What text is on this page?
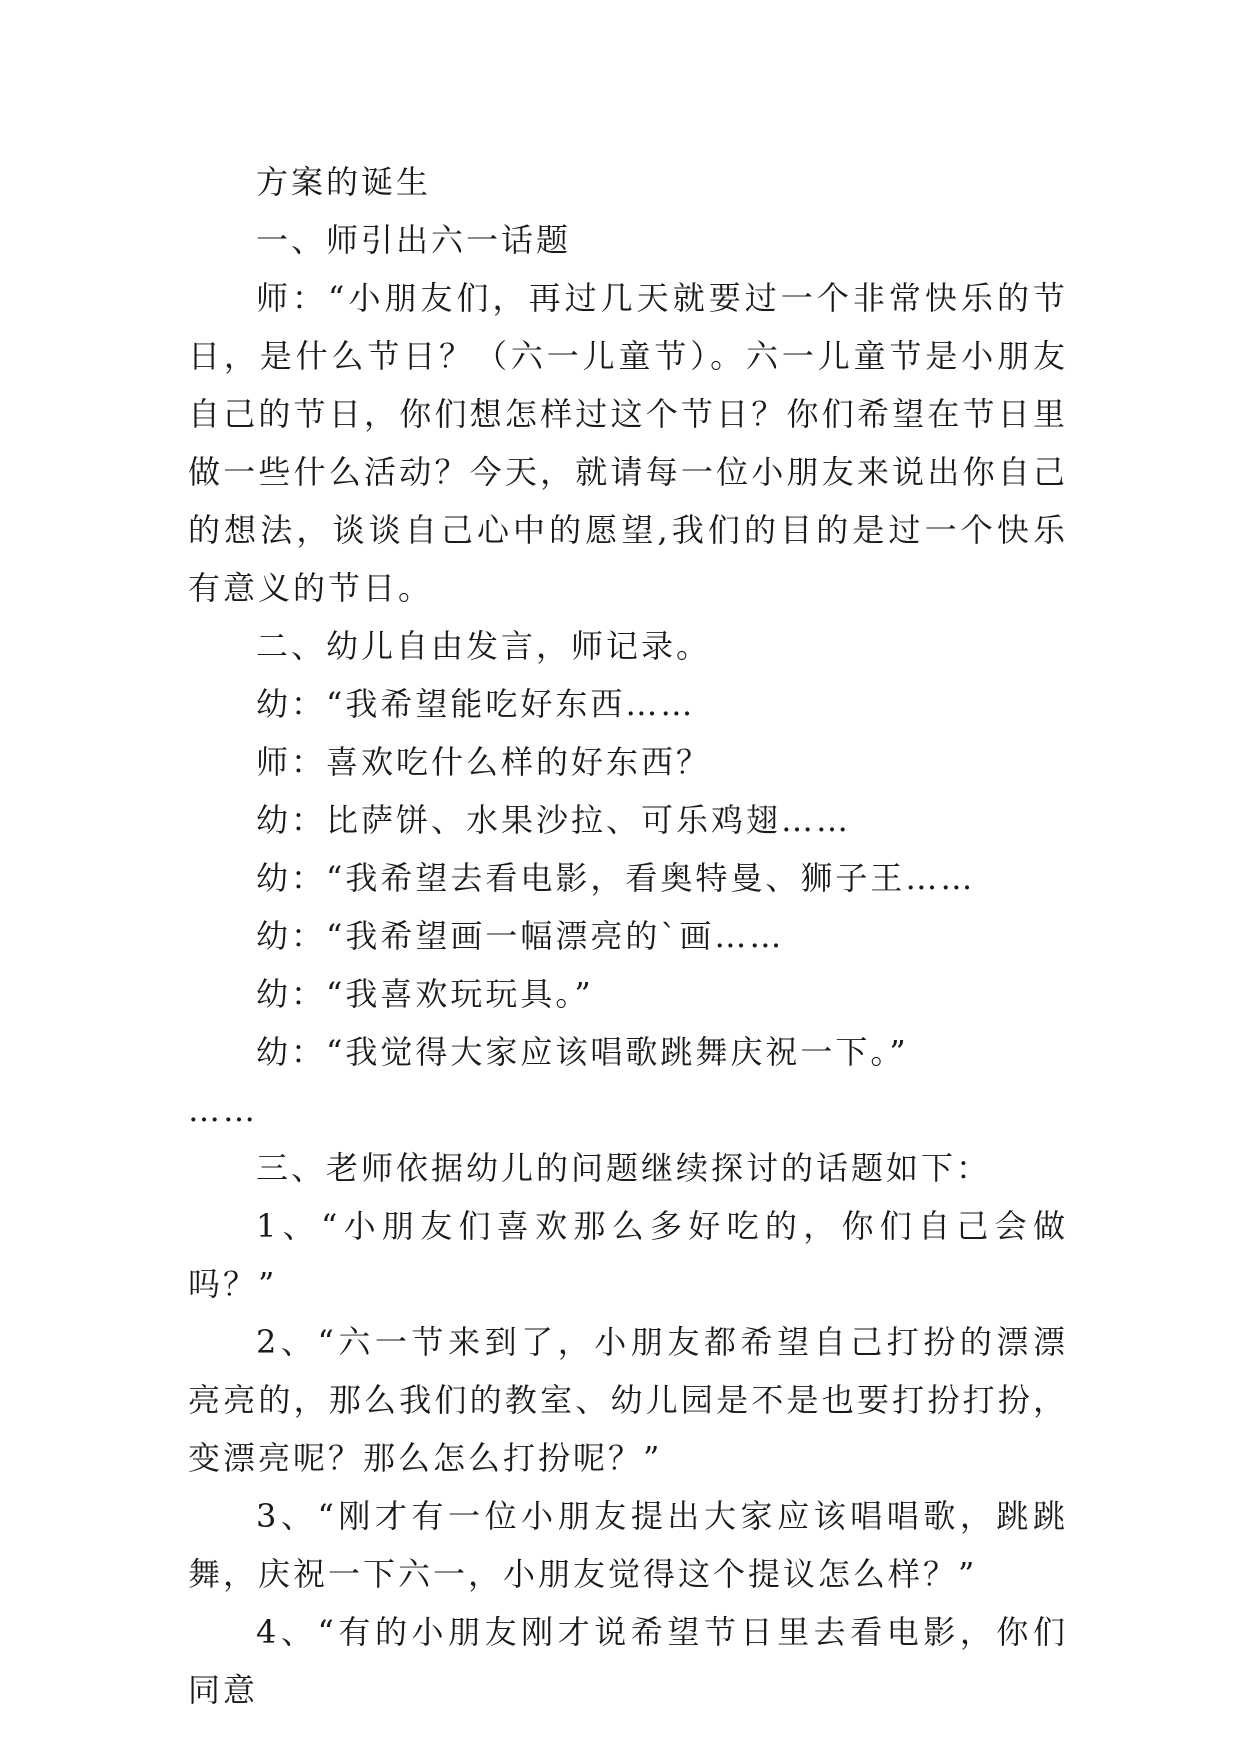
方案的诞生

一、师引出六一话题

师：“小朋友们，再过几天就要过一个非常快乐的节日，是什么节日？（六一儿童节）。六一儿童节是小朋友自己的节日，你们想怎样过这个节日？你们希望在节日里做一些什么活动？今天，就请每一位小朋友来说出你自己的想法，谈谈自己心中的愿望,我们的目的是过一个快乐有意义的节日。

二、幼儿自由发言，师记录。

幼：“我希望能吃好东西……

师：喜欢吃什么样的好东西？

幼：比萨饼、水果沙拉、可乐鸡翅……

幼：“我希望去看电影，看奥特曼、狮子王……

幼：“我希望画一幅漂亮的`画……

幼：“我喜欢玩玩具。”

幼：“我觉得大家应该唱歌跳舞庆祝一下。”

……

三、老师依据幼儿的问题继续探讨的话题如下：

1、“小朋友们喜欢那么多好吃的，你们自己会做吗？”

2、“六一节来到了，小朋友都希望自己打扮的漂漂亮亮的，那么我们的教室、幼儿园是不是也要打扮打扮，变漂亮呢？那么怎么打扮呢？”

3、“刚才有一位小朋友提出大家应该唱唱歌，跳跳舞，庆祝一下六一，小朋友觉得这个提议怎么样？”

4、“有的小朋友刚才说希望节日里去看电影，你们同意
